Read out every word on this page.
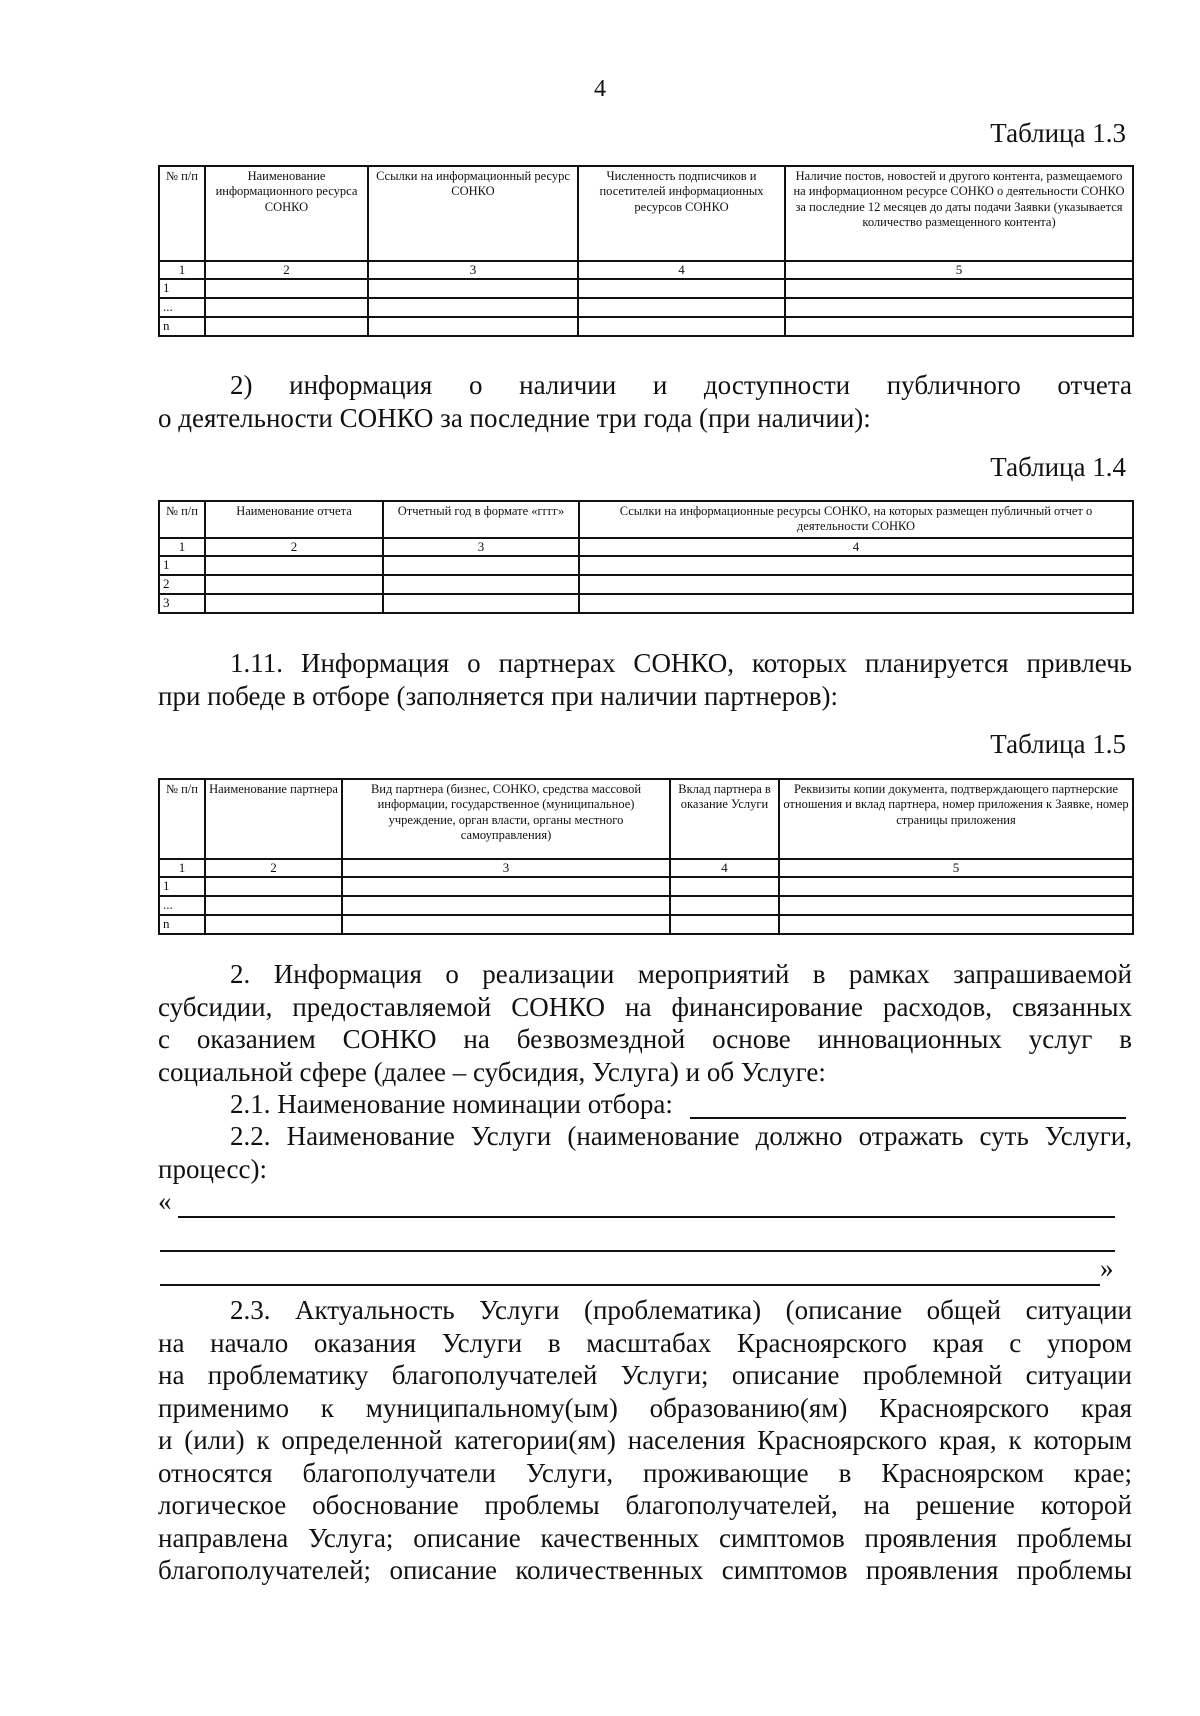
4
Таблица 1.3
№ п/п	Наименование информационного ресурса СОНКО	Ссылки на информационный ресурс СОНКО	Численность подписчиков и посетителей информационных ресурсов СОНКО	Наличие постов, новостей и другого контента, размещаемого на информационном ресурсе СОНКО о деятельности СОНКО за последние 12 месяцев до даты подачи Заявки (указывается количество размещенного контента)
1	2	3	4	5
1				
...				
n				
2) информация о наличии и доступности публичного отчета
о деятельности СОНКО за последние три года (при наличии):
Таблица 1.4
№ п/п	Наименование отчета	Отчетный год в формате «гггг»	Ссылки на информационные ресурсы СОНКО, на которых размещен публичный отчет о деятельности СОНКО
1	2	3	4
1			
2			
3			
1.11. Информация о партнерах СОНКО, которых планируется привлечь
при победе в отборе (заполняется при наличии партнеров):
Таблица 1.5
№ п/п	Наименование партнера	Вид партнера (бизнес, СОНКО, средства массовой информации, государственное (муниципальное) учреждение, орган власти, органы местного самоуправления)	Вклад партнера в оказание Услуги	Реквизиты копии документа, подтверждающего партнерские отношения и вклад партнера, номер приложения к Заявке, номер страницы приложения
1	2	3	4	5
1				
...				
n				
2. Информация о реализации мероприятий в рамках запрашиваемой
субсидии, предоставляемой СОНКО на финансирование расходов, связанных
с оказанием СОНКО на безвозмездной основе инновационных услуг в
социальной сфере (далее – субсидия, Услуга) и об Услуге:
2.1. Наименование номинации отбора:
2.2. Наименование Услуги (наименование должно отражать суть Услуги,
процесс):
«
»
2.3. Актуальность Услуги (проблематика) (описание общей ситуации
на начало оказания Услуги в масштабах Красноярского края с упором
на проблематику благополучателей Услуги; описание проблемной ситуации
применимо к муниципальному(ым) образованию(ям) Красноярского края
и (или) к определенной категории(ям) населения Красноярского края, к которым
относятся благополучатели Услуги, проживающие в Красноярском крае;
логическое обоснование проблемы благополучателей, на решение которой
направлена Услуга; описание качественных симптомов проявления проблемы
благополучателей; описание количественных симптомов проявления проблемы
